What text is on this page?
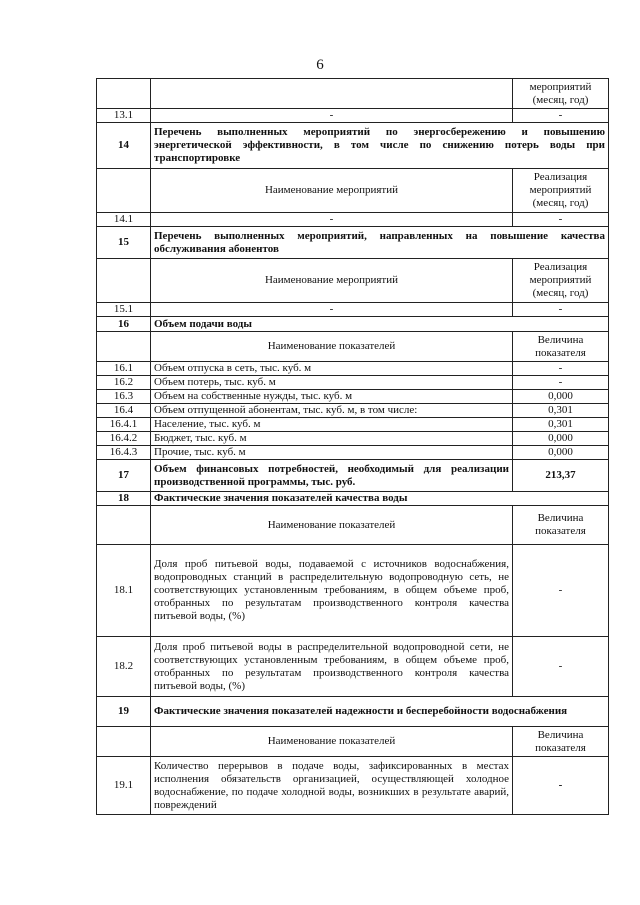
6
		мероприятий (месяц, год)
13.1	-	-
14	Перечень выполненных мероприятий по энергосбережению и повышению энергетической эффективности, в том числе по снижению потерь воды при транспортировке	
	Наименование мероприятий	Реализация мероприятий (месяц, год)
14.1	-	-
15	Перечень выполненных мероприятий, направленных на повышение качества обслуживания абонентов	
	Наименование мероприятий	Реализация мероприятий (месяц, год)
15.1	-	-
16	Объем подачи воды	
	Наименование показателей	Величина показателя
16.1	Объем отпуска в сеть, тыс. куб. м	-
16.2	Объем потерь, тыс. куб. м	-
16.3	Объем на собственные нужды, тыс. куб. м	0,000
16.4	Объем отпущенной абонентам, тыс. куб. м, в том числе:	0,301
16.4.1	Население, тыс. куб. м	0,301
16.4.2	Бюджет, тыс. куб. м	0,000
16.4.3	Прочие, тыс. куб. м	0,000
17	Объем финансовых потребностей, необходимый для реализации производственной программы, тыс. руб.	213,37
18	Фактические значения показателей качества воды	
	Наименование показателей	Величина показателя
18.1	Доля проб питьевой воды, подаваемой с источников водоснабжения, водопроводных станций в распределительную водопроводную сеть, не соответствующих установленным требованиям, в общем объеме проб, отобранных по результатам производственного контроля качества питьевой воды, (%)	-
18.2	Доля проб питьевой воды в распределительной водопроводной сети, не соответствующих установленным требованиям, в общем объеме проб, отобранных по результатам производственного контроля качества питьевой воды, (%)	-
19	Фактические значения показателей надежности и бесперебойности водоснабжения	
	Наименование показателей	Величина показателя
19.1	Количество перерывов в подаче воды, зафиксированных в местах исполнения обязательств организацией, осуществляющей холодное водоснабжение, по подаче холодной воды, возникших в результате аварий, повреждений	-
